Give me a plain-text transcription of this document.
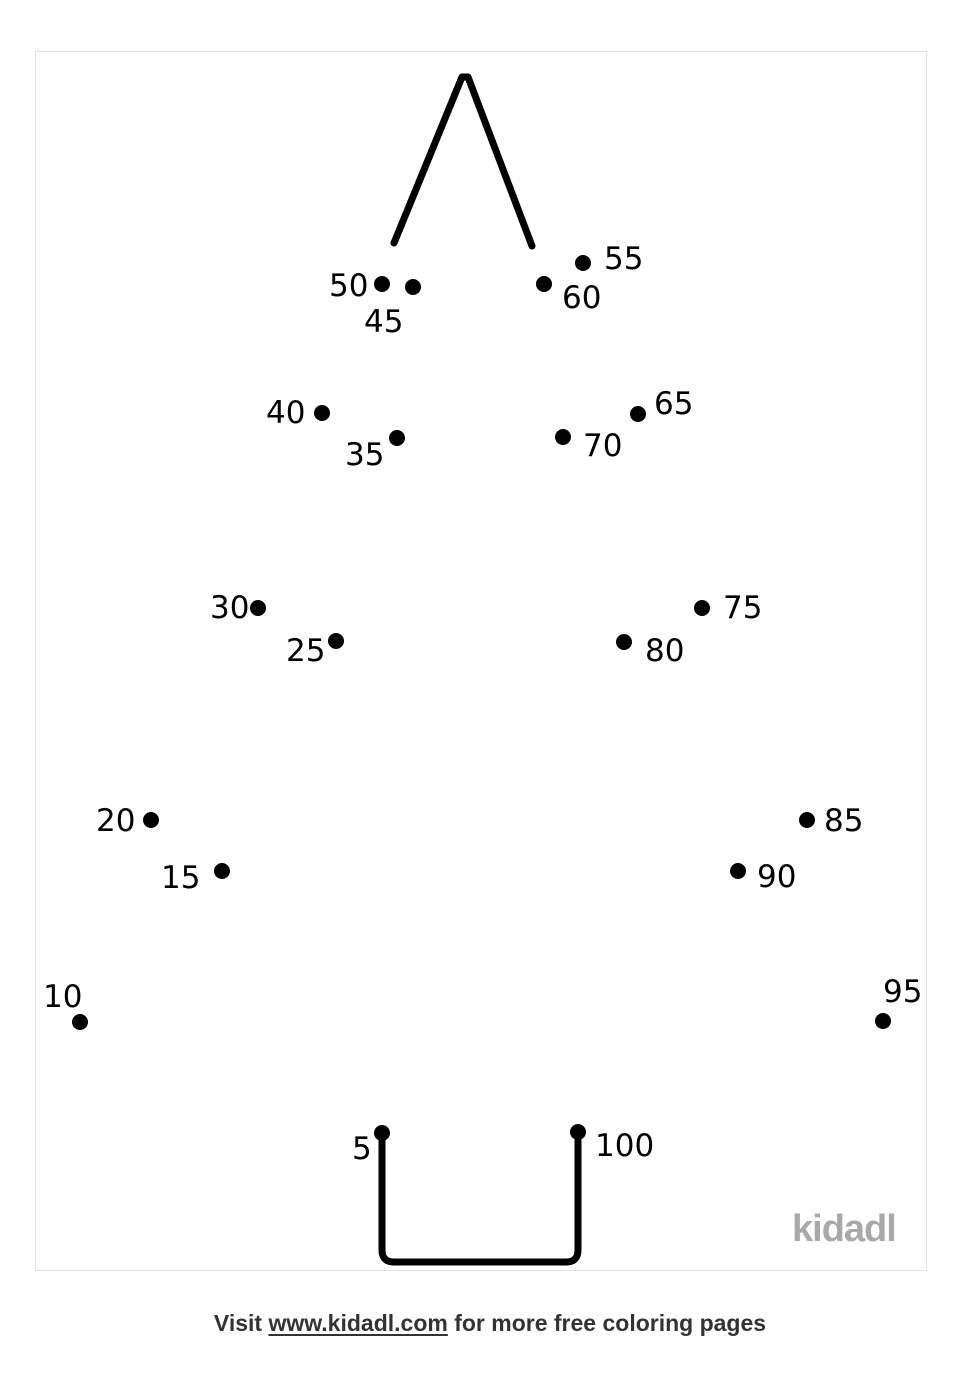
5
10
15
20
25
30
35
40
45
50
55
60
65
70
75
80
85
90
95
100
kidadl
Visit www.kidadl.com for more free coloring pages
